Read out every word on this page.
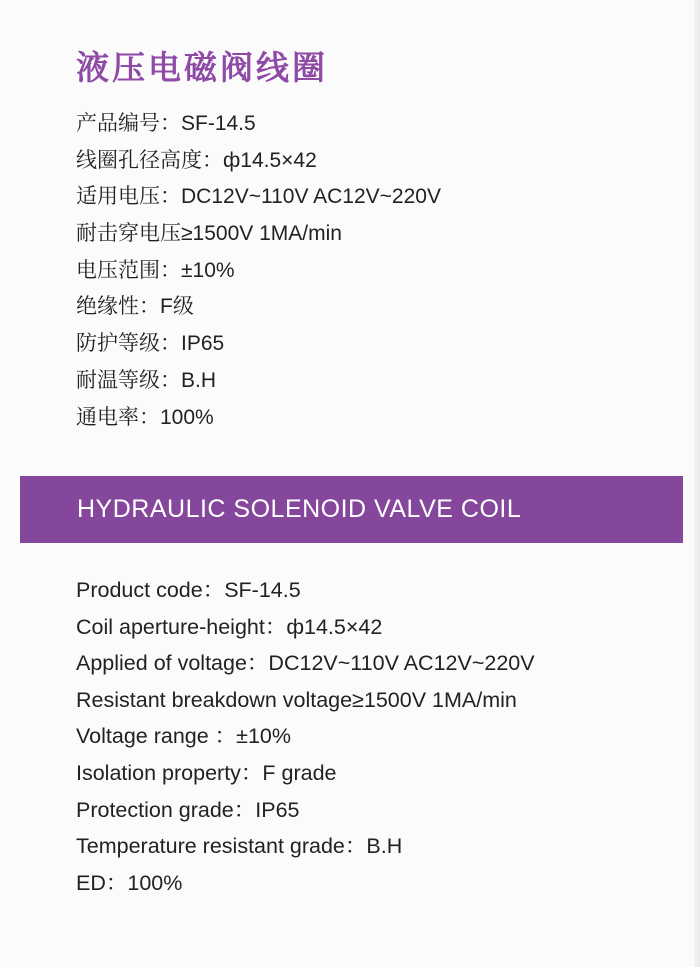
液压电磁阀线圈
产品编号：SF-14.5
线圈孔径高度：ф14.5×42
适用电压：DC12V~110V AC12V~220V
耐击穿电压≥1500V 1MA/min
电压范围：±10%
绝缘性：F级
防护等级：IP65
耐温等级：B.H
通电率：100%
HYDRAULIC SOLENOID VALVE COIL
Product code：SF-14.5
Coil aperture-height：ф14.5×42
Applied of voltage：DC12V~110V AC12V~220V
Resistant breakdown voltage≥1500V 1MA/min
Voltage range ：±10%
Isolation property：F grade
Protection grade：IP65
Temperature resistant grade：B.H
ED：100%
